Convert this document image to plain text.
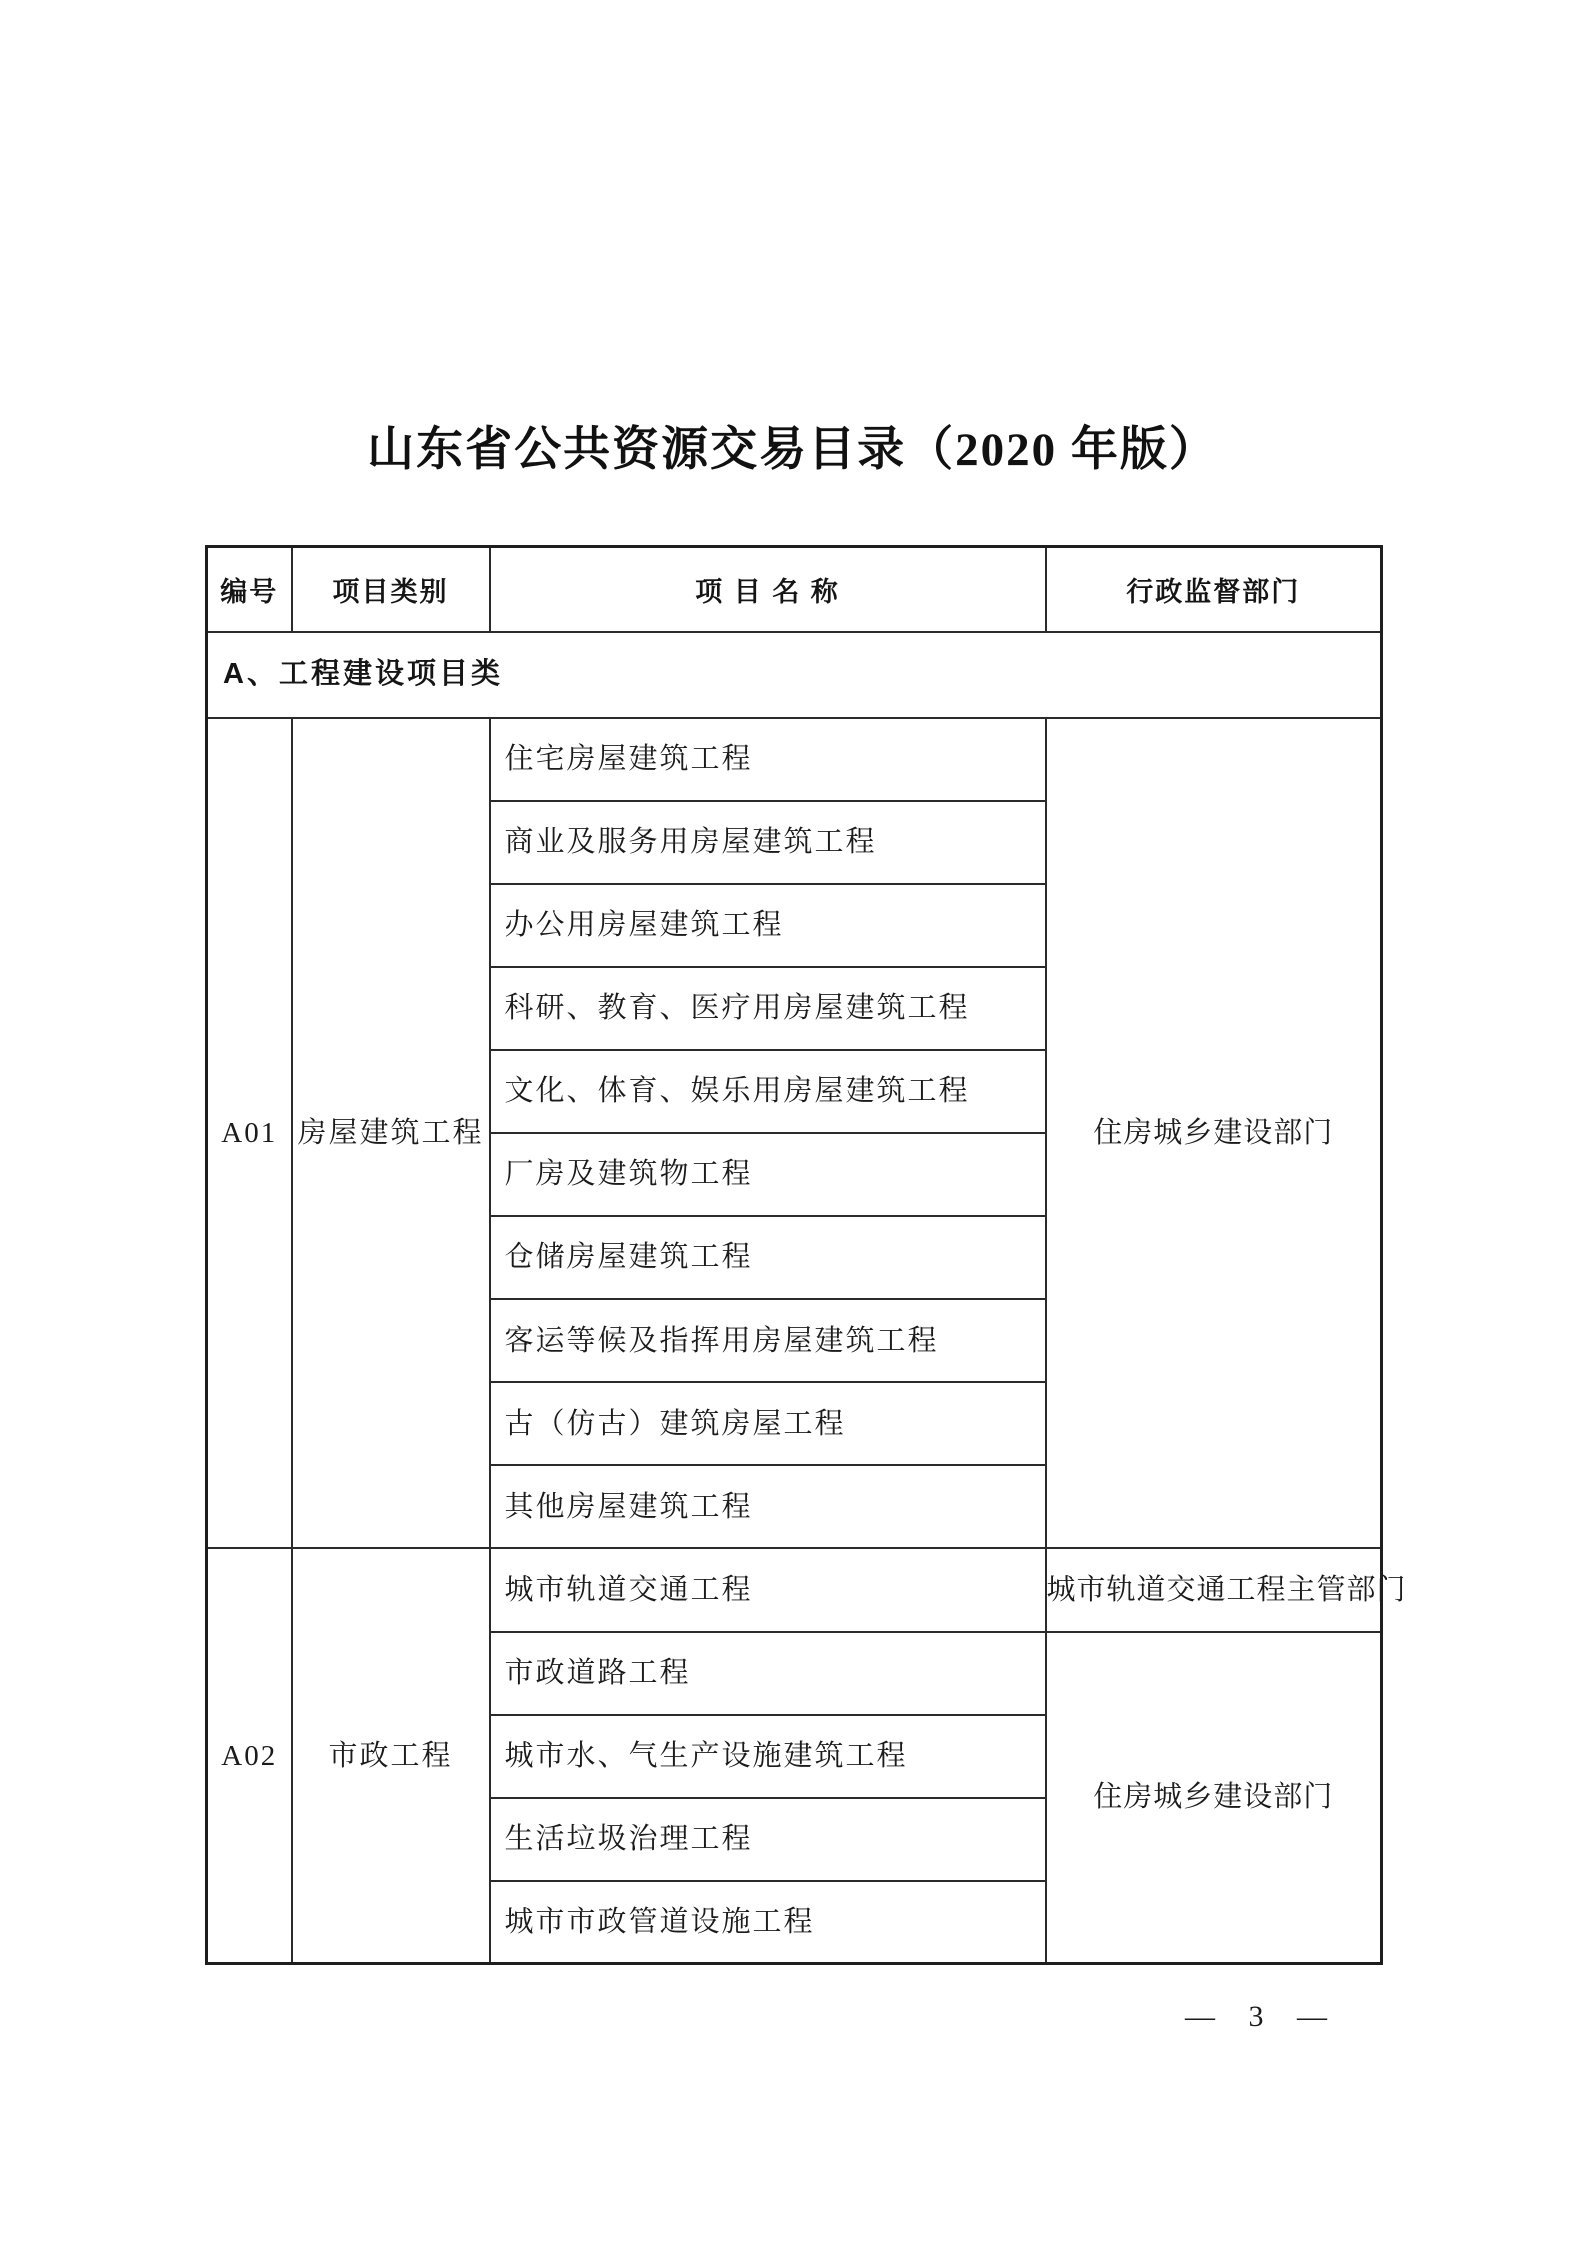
山东省公共资源交易目录（2020 年版）
编号	项目类别	项 目 名 称	行政监督部门
A、工程建设项目类			
A01	房屋建筑工程	住宅房屋建筑工程	住房城乡建设部门
		商业及服务用房屋建筑工程	
		办公用房屋建筑工程	
		科研、教育、医疗用房屋建筑工程	
		文化、体育、娱乐用房屋建筑工程	
		厂房及建筑物工程	
		仓储房屋建筑工程	
		客运等候及指挥用房屋建筑工程	
		古（仿古）建筑房屋工程	
		其他房屋建筑工程	
A02	市政工程	城市轨道交通工程	城市轨道交通工程主管部门
		市政道路工程	住房城乡建设部门
		城市水、气生产设施建筑工程	
		生活垃圾治理工程	
		城市市政管道设施工程	
— 3 —
